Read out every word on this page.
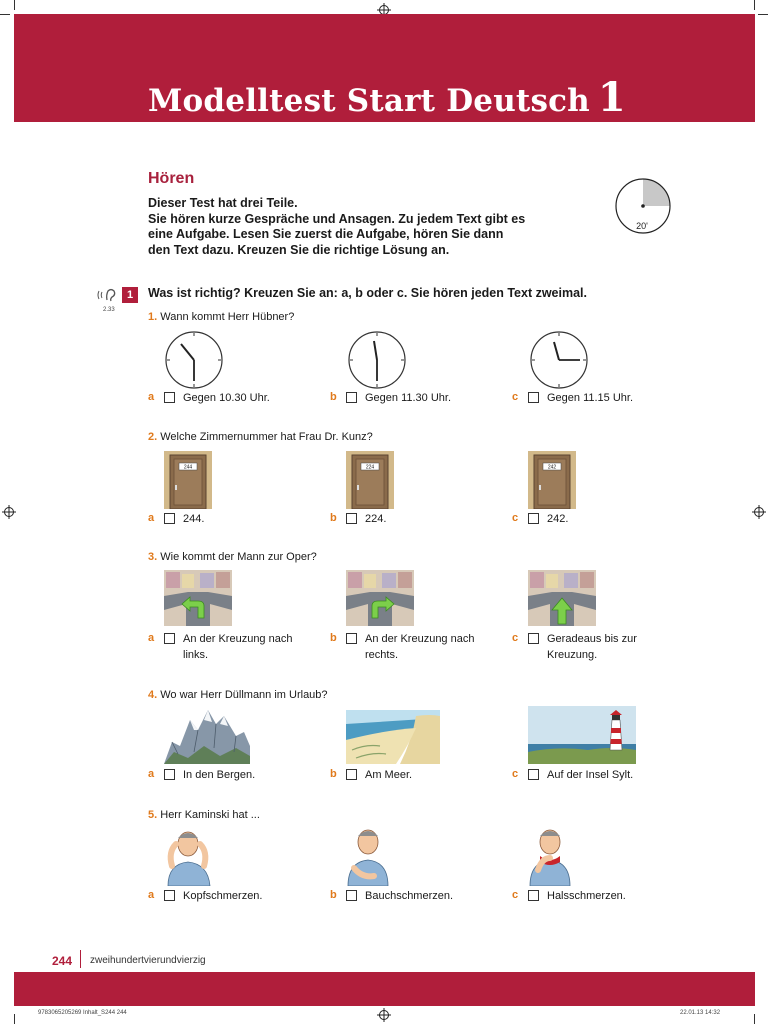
Modelltest Start Deutsch 1
Hören
Dieser Test hat drei Teile.
Sie hören kurze Gespräche und Ansagen. Zu jedem Text gibt es
eine Aufgabe. Lesen Sie zuerst die Aufgabe, hören Sie dann
den Text dazu. Kreuzen Sie die richtige Lösung an.
20'
1
2.33
Was ist richtig? Kreuzen Sie an: a, b oder c. Sie hören jeden Text zweimal.
1. Wann kommt Herr Hübner?
a	Gegen 10.30 Uhr.	b	Gegen 11.30 Uhr.	c	Gegen 11.15 Uhr.
2. Welche Zimmernummer hat Frau Dr. Kunz?
244	224	242
a	244.	b	224.	c	242.
3. Wie kommt der Mann zur Oper?
a	An der Kreuzung nach
links.
b	An der Kreuzung nach
rechts.
c	Geradeaus bis zur
Kreuzung.
4. Wo war Herr Düllmann im Urlaub?
a	In den Bergen.	b	Am Meer.	c	Auf der Insel Sylt.
5. Herr Kaminski hat ...
a	Kopfschmerzen.	b	Bauchschmerzen.	c	Halsschmerzen.
244 zweihundertvierundvierzig
9783065205269 Inhalt_S244 244	22.01.13 14:32
